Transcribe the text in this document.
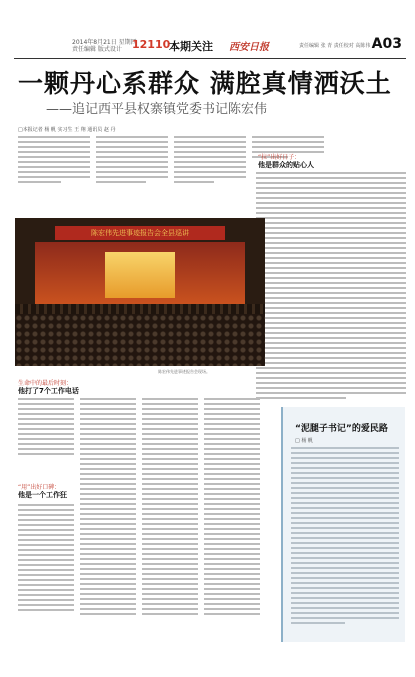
2014年8月21日 星期四
责任编辑 版式设计 12110
本期关注 西安日报	责任编辑 张 青 责任校对 高陈伟 A03
一颗丹心系群众 满腔真情洒沃土
——追记西平县权寨镇党委书记陈宏伟
□本报记者 杨 帆 实习生 王 翔 通讯员 赵 丹
“拉”出好日子：
他是群众的贴心人
陈宏伟先进事迹报告会全县巡讲
陈宏伟先进事迹报告会现场。
生命中的最后时刻：
他打了7个工作电话
“用”出好口碑：
他是一个工作狂
“泥腿子书记”的爱民路
□ 杨 帆
